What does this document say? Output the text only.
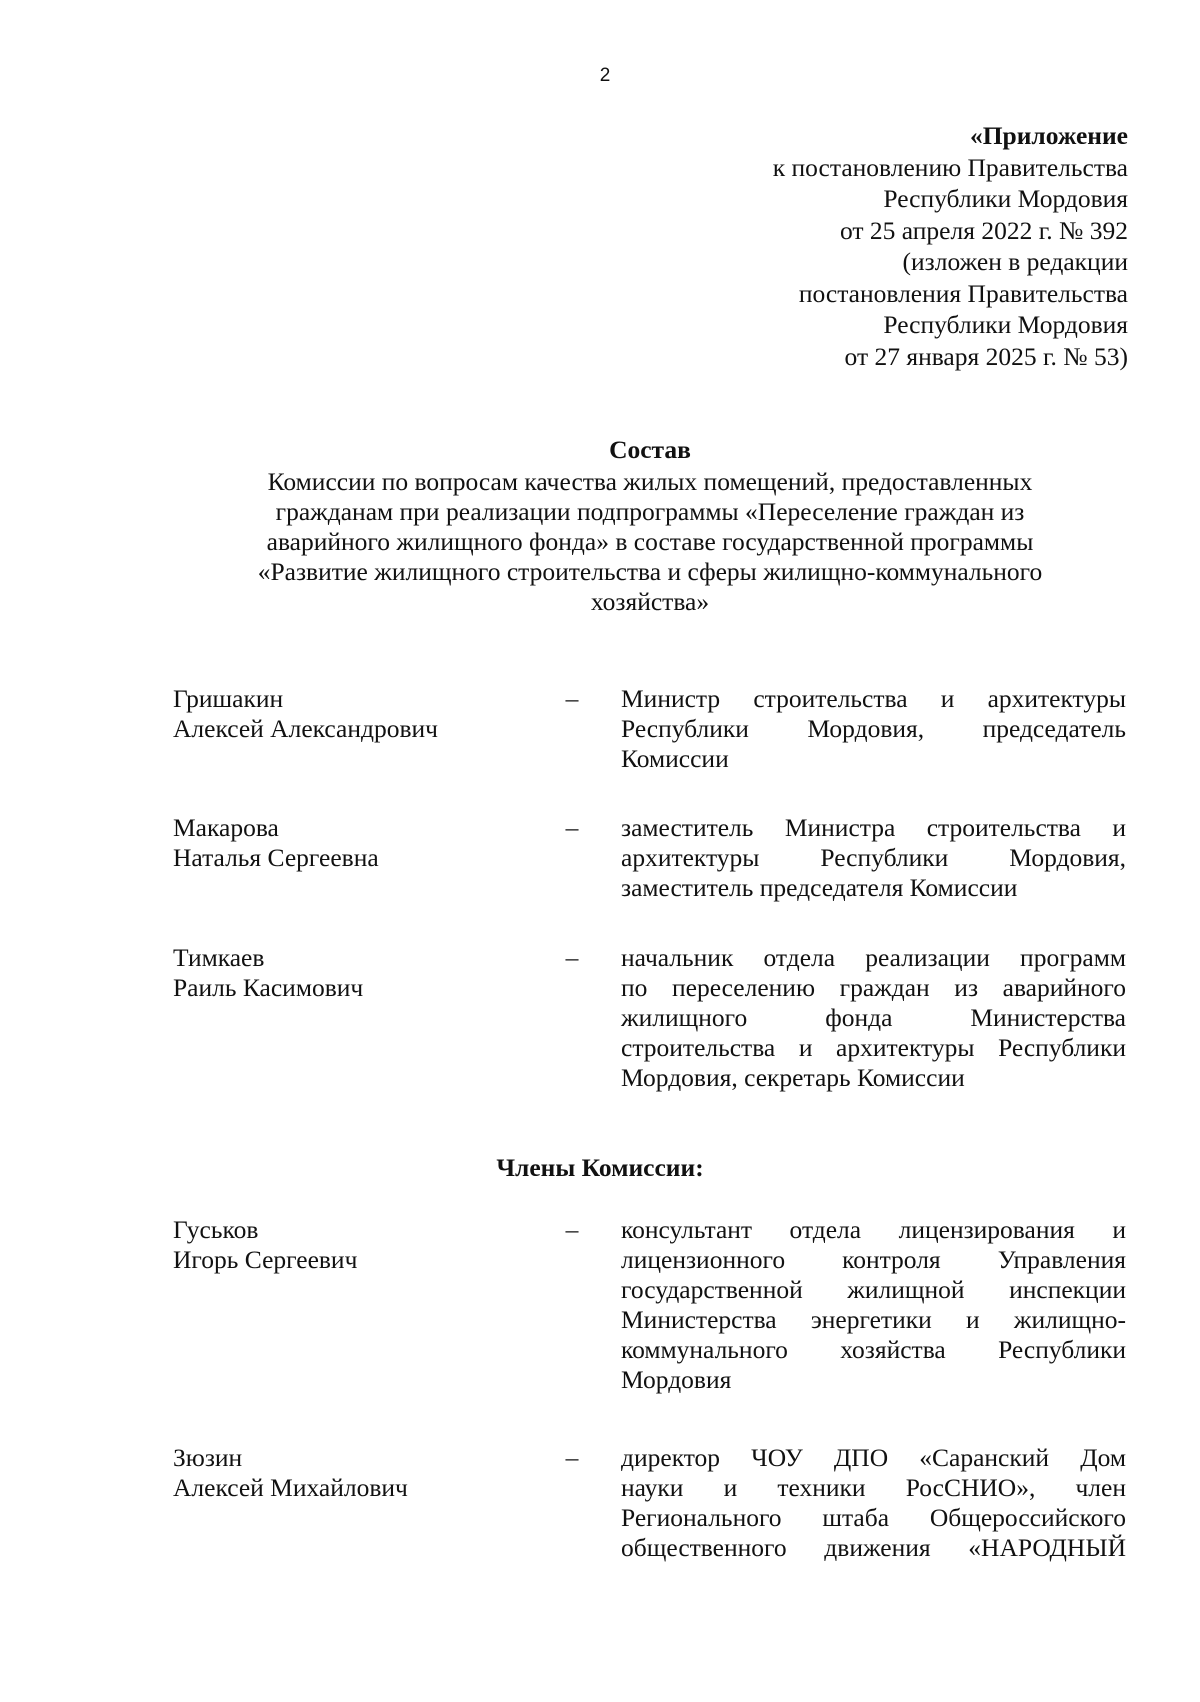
2
«Приложение
к постановлению Правительства
Республики Мордовия
от 25 апреля 2022 г. № 392
(изложен в редакции
постановления Правительства
Республики Мордовия
от 27 января 2025 г. № 53)
Состав
Комиссии по вопросам качества жилых помещений, предоставленных
гражданам при реализации подпрограммы «Переселение граждан из
аварийного жилищного фонда» в составе государственной программы
«Развитие жилищного строительства и сферы жилищно-коммунального
хозяйства»
Гришакин
Алексей Александрович
– Министр строительства и архитектуры
Республики Мордовия, председатель
Комиссии
Макарова
Наталья Сергеевна
– заместитель Министра строительства и
архитектуры Республики Мордовия,
заместитель председателя Комиссии
Тимкаев
Раиль Касимович
– начальник отдела реализации программ
по переселению граждан из аварийного
жилищного фонда Министерства
строительства и архитектуры Республики
Мордовия, секретарь Комиссии
Члены Комиссии:
Гуськов
Игорь Сергеевич
– консультант отдела лицензирования и
лицензионного контроля Управления
государственной жилищной инспекции
Министерства энергетики и жилищно-
коммунального хозяйства Республики
Мордовия
Зюзин
Алексей Михайлович
– директор ЧОУ ДПО «Саранский Дом
науки и техники РосСНИО», член
Регионального штаба Общероссийского
общественного движения «НАРОДНЫЙ
